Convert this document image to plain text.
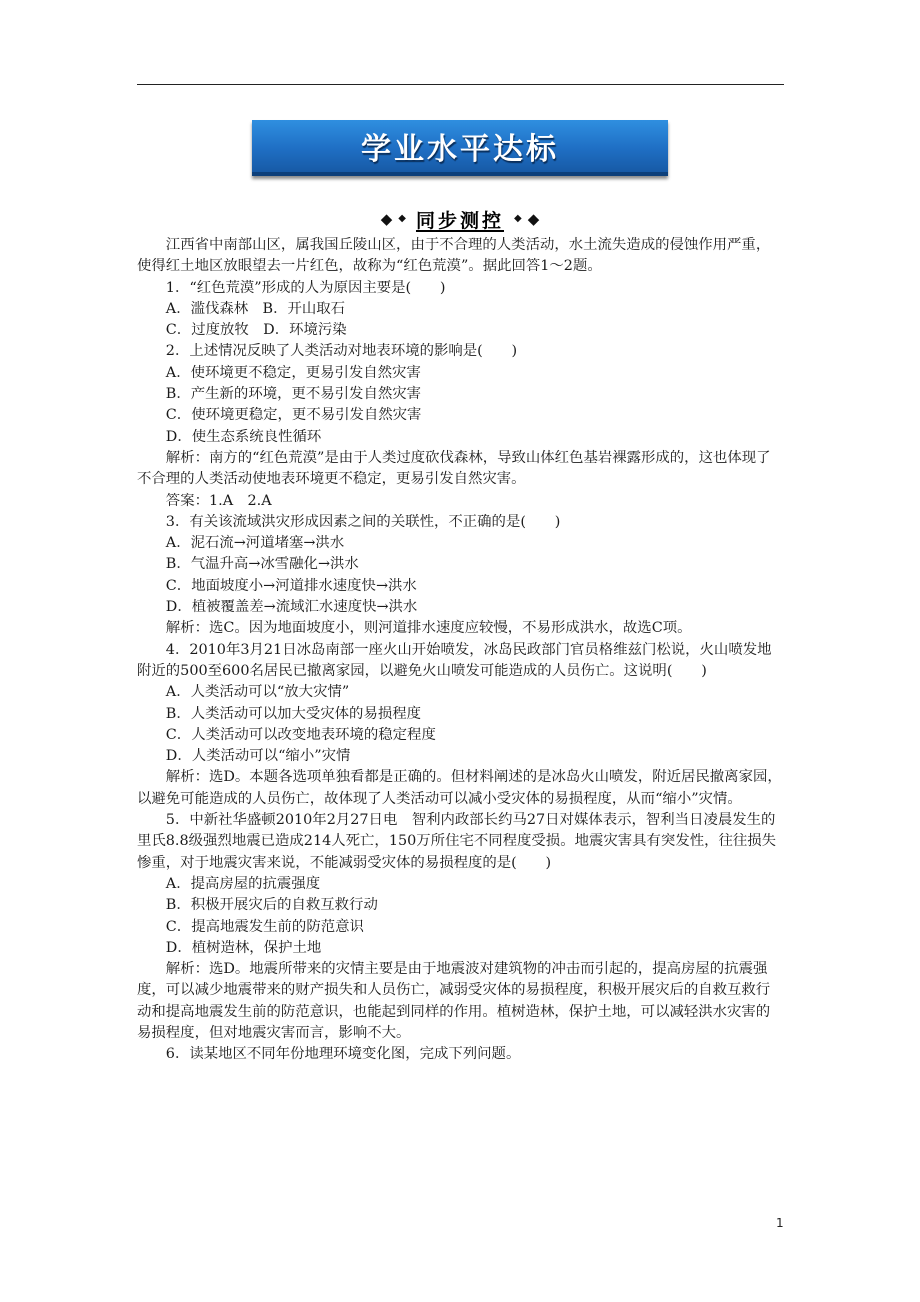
学业水平达标
◆ ◆ 同步测控 ◆ ◆

江西省中南部山区，属我国丘陵山区，由于不合理的人类活动，水土流失造成的侵蚀作用严重，使得红土地区放眼望去一片红色，故称为“红色荒漠”。据此回答1～2题。

1．“红色荒漠”形成的人为原因主要是(　　)

A．滥伐森林　B．开山取石

C．过度放牧　D．环境污染

2．上述情况反映了人类活动对地表环境的影响是(　　)

A．使环境更不稳定，更易引发自然灾害

B．产生新的环境，更不易引发自然灾害

C．使环境更稳定，更不易引发自然灾害

D．使生态系统良性循环

解析：南方的“红色荒漠”是由于人类过度砍伐森林，导致山体红色基岩裸露形成的，这也体现了不合理的人类活动使地表环境更不稳定，更易引发自然灾害。

答案：1.A　2.A

3．有关该流域洪灾形成因素之间的关联性，不正确的是(　　)

A．泥石流→河道堵塞→洪水

B．气温升高→冰雪融化→洪水

C．地面坡度小→河道排水速度快→洪水

D．植被覆盖差→流域汇水速度快→洪水

解析：选C。因为地面坡度小，则河道排水速度应较慢，不易形成洪水，故选C项。

4．2010年3月21日冰岛南部一座火山开始喷发，冰岛民政部门官员格维兹门松说，火山喷发地附近的500至600名居民已撤离家园，以避免火山喷发可能造成的人员伤亡。这说明(　　)

A．人类活动可以“放大灾情”

B．人类活动可以加大受灾体的易损程度

C．人类活动可以改变地表环境的稳定程度

D．人类活动可以“缩小”灾情

解析：选D。本题各选项单独看都是正确的。但材料阐述的是冰岛火山喷发，附近居民撤离家园，以避免可能造成的人员伤亡，故体现了人类活动可以减小受灾体的易损程度，从而“缩小”灾情。

5．中新社华盛顿2010年2月27日电　智利内政部长约马27日对媒体表示，智利当日凌晨发生的里氏8.8级强烈地震已造成214人死亡，150万所住宅不同程度受损。地震灾害具有突发性，往往损失惨重，对于地震灾害来说，不能减弱受灾体的易损程度的是(　　)

A．提高房屋的抗震强度

B．积极开展灾后的自救互救行动

C．提高地震发生前的防范意识

D．植树造林，保护土地

解析：选D。地震所带来的灾情主要是由于地震波对建筑物的冲击而引起的，提高房屋的抗震强度，可以减少地震带来的财产损失和人员伤亡，减弱受灾体的易损程度，积极开展灾后的自救互救行动和提高地震发生前的防范意识，也能起到同样的作用。植树造林，保护土地，可以减轻洪水灾害的易损程度，但对地震灾害而言，影响不大。

6．读某地区不同年份地理环境变化图，完成下列问题。

1
